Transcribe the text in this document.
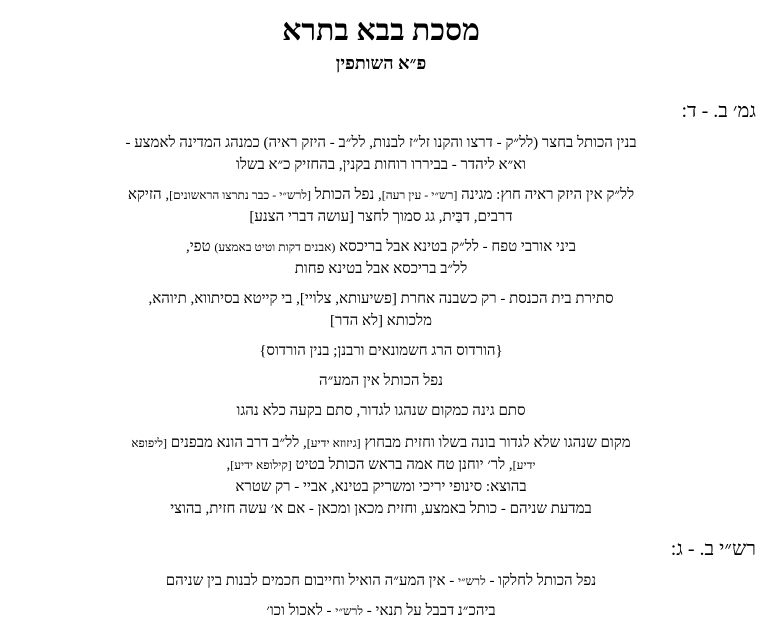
מסכת בבא בתרא
פ״א השותפין
גמ׳ ב. - ד:
בנין הכותל בחצר (לל״ק - דרצו והקנו זל״ז לבנות, לל״ב - היזק ראיה) כמנהג המדינה לאמצע -
וא״א ליהדר - בביררו רוחות בקנין, בהחזיק כ״א בשלו
לל״ק אין היזק ראיה חוץ: מגינה [רש״י - עין רעה], נפל הכותל [לרש״י - כבר נתרצו הראשונים], הזיקא
דרבים, דבַּית, גג סמוך לחצר [עושה דברי הצנע]
ביני אורבי טפח - לל״ק בטינא אבל בריכסא (אבנים דקות וטיט באמצע) טפי,
לל״ב בריכסא אבל בטינא פחות
סתירת בית הכנסת - רק כשבנה אחרת [פשיעותא, צלויי], בי קייטא בסיתווא, תיוהא,
מלכותא [לא הדר]
{הורדוס הרג חשמונאים ורבנן; בנין הורדוס}
נפל הכותל אין המע״ה
סתם גינה כמקום שנהגו לגדור, סתם בקעה כלא נהגו
מקום שנהגו שלא לגדור בונה בשלו וחזית מבחוץ [גיזוזא ידיע], לל״ב דרב הונא מבפנים [ליפופא
ידיע], לר׳ יוחנן טח אמה בראש הכותל בטיט [קילופא ידיע],
בהוצא: סינופי יריכי ומשריק בטינא, אביי - רק שטרא
במדעת שניהם - כותל באמצע, וחזית מכאן ומכאן - אם א׳ עשה חזית, בהוצי
רש״י ב. - ג:
נפל הכותל לחלקו - לרש״י - אין המע״ה הואיל וחייבום חכמים לבנות בין שניהם
ביהכ״נ דבבל על תנאי - לרש״י - לאכול וכו׳
